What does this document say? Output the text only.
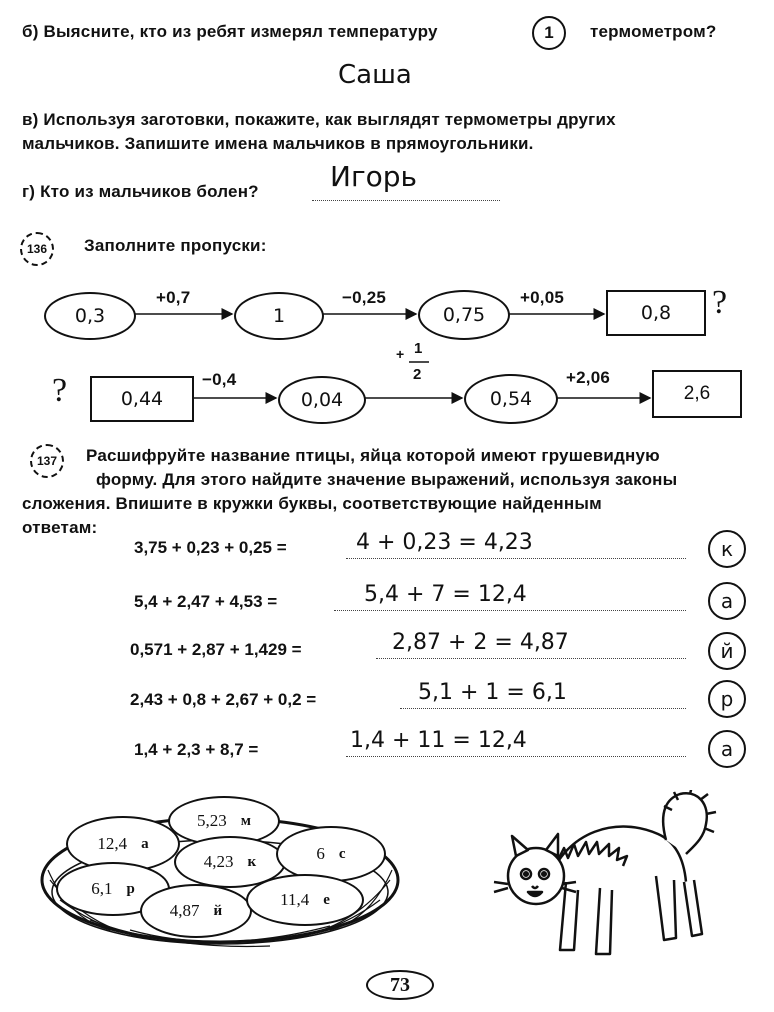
б) Выясните, кто из ребят измерял температуру	1	термометром?
Саша
в) Используя заготовки, покажите, как выглядят термометры других
мальчиков. Запишите имена мальчиков в прямоугольники.
г) Кто из мальчиков болен?	Игорь
136	Заполните пропуски:
0,3
+0,7
1
−0,25
0,75
+0,05
0,8	?
?	0,44
−0,4
0,04
+ 1
2
0,54
+2,06
2,6
137	Расшифруйте название птицы, яйца которой имеют грушевидную
форму. Для этого найдите значение выражений, используя законы
сложения. Впишите в кружки буквы, соответствующие найденным
ответам:
3,75 + 0,23 + 0,25 =	4 + 0,23 = 4,23	к
5,4 + 2,47 + 4,53 =	5,4 + 7 = 12,4	а
0,571 + 2,87 + 1,429 =	2,87 + 2 = 4,87	й
2,43 + 0,8 + 2,67 + 0,2 =	5,1 + 1 = 6,1	р
1,4 + 2,3 + 8,7 =	1,4 + 11 = 12,4	а
5,23 м
12,4 а
4,23 к	6 с
6,1 р
4,87 й
11,4 е
73
